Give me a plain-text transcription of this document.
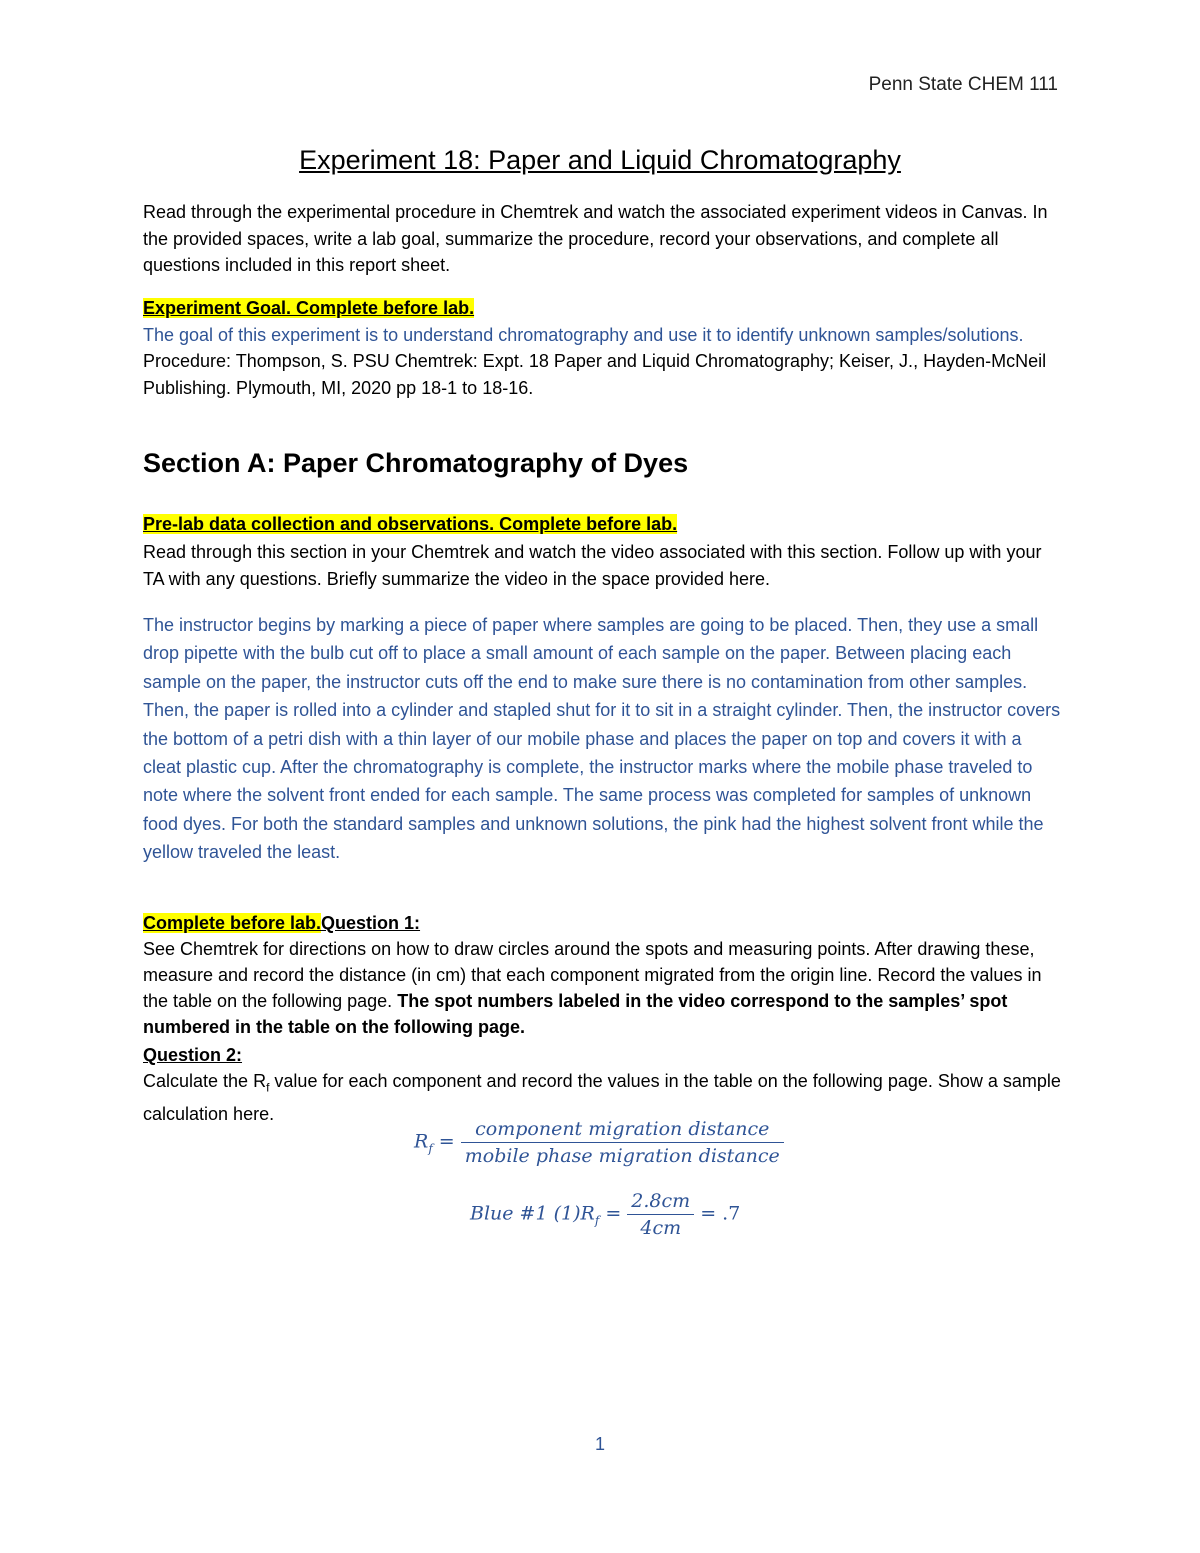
Penn State CHEM 111
Experiment 18: Paper and Liquid Chromatography
Read through the experimental procedure in Chemtrek and watch the associated experiment videos in Canvas. In the provided spaces, write a lab goal, summarize the procedure, record your observations, and complete all questions included in this report sheet.
Experiment Goal. Complete before lab.
The goal of this experiment is to understand chromatography and use it to identify unknown samples/solutions.
Procedure: Thompson, S. PSU Chemtrek: Expt. 18 Paper and Liquid Chromatography; Keiser, J., Hayden-McNeil Publishing. Plymouth, MI, 2020 pp 18-1 to 18-16.
Section A: Paper Chromatography of Dyes
Pre-lab data collection and observations. Complete before lab.
Read through this section in your Chemtrek and watch the video associated with this section. Follow up with your TA with any questions. Briefly summarize the video in the space provided here.
The instructor begins by marking a piece of paper where samples are going to be placed. Then, they use a small drop pipette with the bulb cut off to place a small amount of each sample on the paper. Between placing each sample on the paper, the instructor cuts off the end to make sure there is no contamination from other samples. Then, the paper is rolled into a cylinder and stapled shut for it to sit in a straight cylinder. Then, the instructor covers the bottom of a petri dish with a thin layer of our mobile phase and places the paper on top and covers it with a cleat plastic cup. After the chromatography is complete, the instructor marks where the mobile phase traveled to note where the solvent front ended for each sample. The same process was completed for samples of unknown food dyes. For both the standard samples and unknown solutions, the pink had the highest solvent front while the yellow traveled the least.
Complete before lab.Question 1:
See Chemtrek for directions on how to draw circles around the spots and measuring points. After drawing these, measure and record the distance (in cm) that each component migrated from the origin line. Record the values in the table on the following page. The spot numbers labeled in the video correspond to the samples’ spot numbered in the table on the following page.
Question 2:
Calculate the $R_f$ value for each component and record the values in the table on the following page. Show a sample calculation here.
$R_f = \frac{\text{component migration distance}}{\text{mobile phase migration distance}}$
Blue #1 $(1)R_f = \frac{2.8cm}{4cm} = .7$
1
